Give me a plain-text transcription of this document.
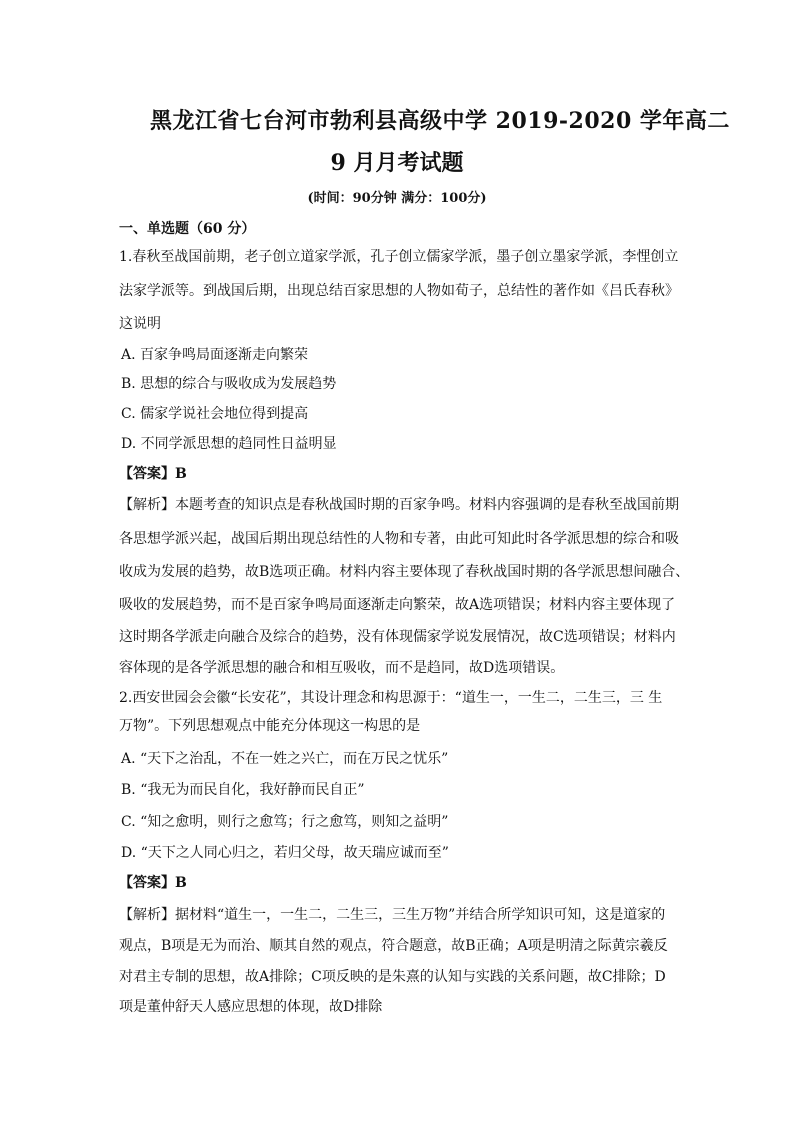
黑龙江省七台河市勃利县高级中学 2019-2020 学年高二
9 月月考试题
(时间：90分钟 满分：100分)
一、单选题（60 分）
1.春秋至战国前期，老子创立道家学派，孔子创立儒家学派，墨子创立墨家学派，李悝创立
法家学派等。到战国后期，出现总结百家思想的人物如荀子，总结性的著作如《吕氏春秋》
这说明
A. 百家争鸣局面逐渐走向繁荣
B. 思想的综合与吸收成为发展趋势
C. 儒家学说社会地位得到提高
D. 不同学派思想的趋同性日益明显
【答案】B
【解析】本题考查的知识点是春秋战国时期的百家争鸣。材料内容强调的是春秋至战国前期
各思想学派兴起，战国后期出现总结性的人物和专著，由此可知此时各学派思想的综合和吸
收成为发展的趋势，故B选项正确。材料内容主要体现了春秋战国时期的各学派思想间融合、
吸收的发展趋势，而不是百家争鸣局面逐渐走向繁荣，故A选项错误；材料内容主要体现了
这时期各学派走向融合及综合的趋势，没有体现儒家学说发展情况，故C选项错误；材料内
容体现的是各学派思想的融合和相互吸收，而不是趋同，故D选项错误。
2.西安世园会会徽“长安花”，其设计理念和构思源于：“道生一，一生二，二生三，三 生
万物”。下列思想观点中能充分体现这一构思的是
A. “天下之治乱，不在一姓之兴亡，而在万民之忧乐”
B. “我无为而民自化，我好静而民自正”
C. “知之愈明，则行之愈笃；行之愈笃，则知之益明”
D. “天下之人同心归之，若归父母，故天瑞应诚而至”
【答案】B
【解析】据材料“道生一，一生二，二生三，三生万物”并结合所学知识可知，这是道家的
观点，B项是无为而治、顺其自然的观点，符合题意，故B正确；A项是明清之际黄宗羲反
对君主专制的思想，故A排除；C项反映的是朱熹的认知与实践的关系问题，故C排除；D
项是董仲舒天人感应思想的体现，故D排除
